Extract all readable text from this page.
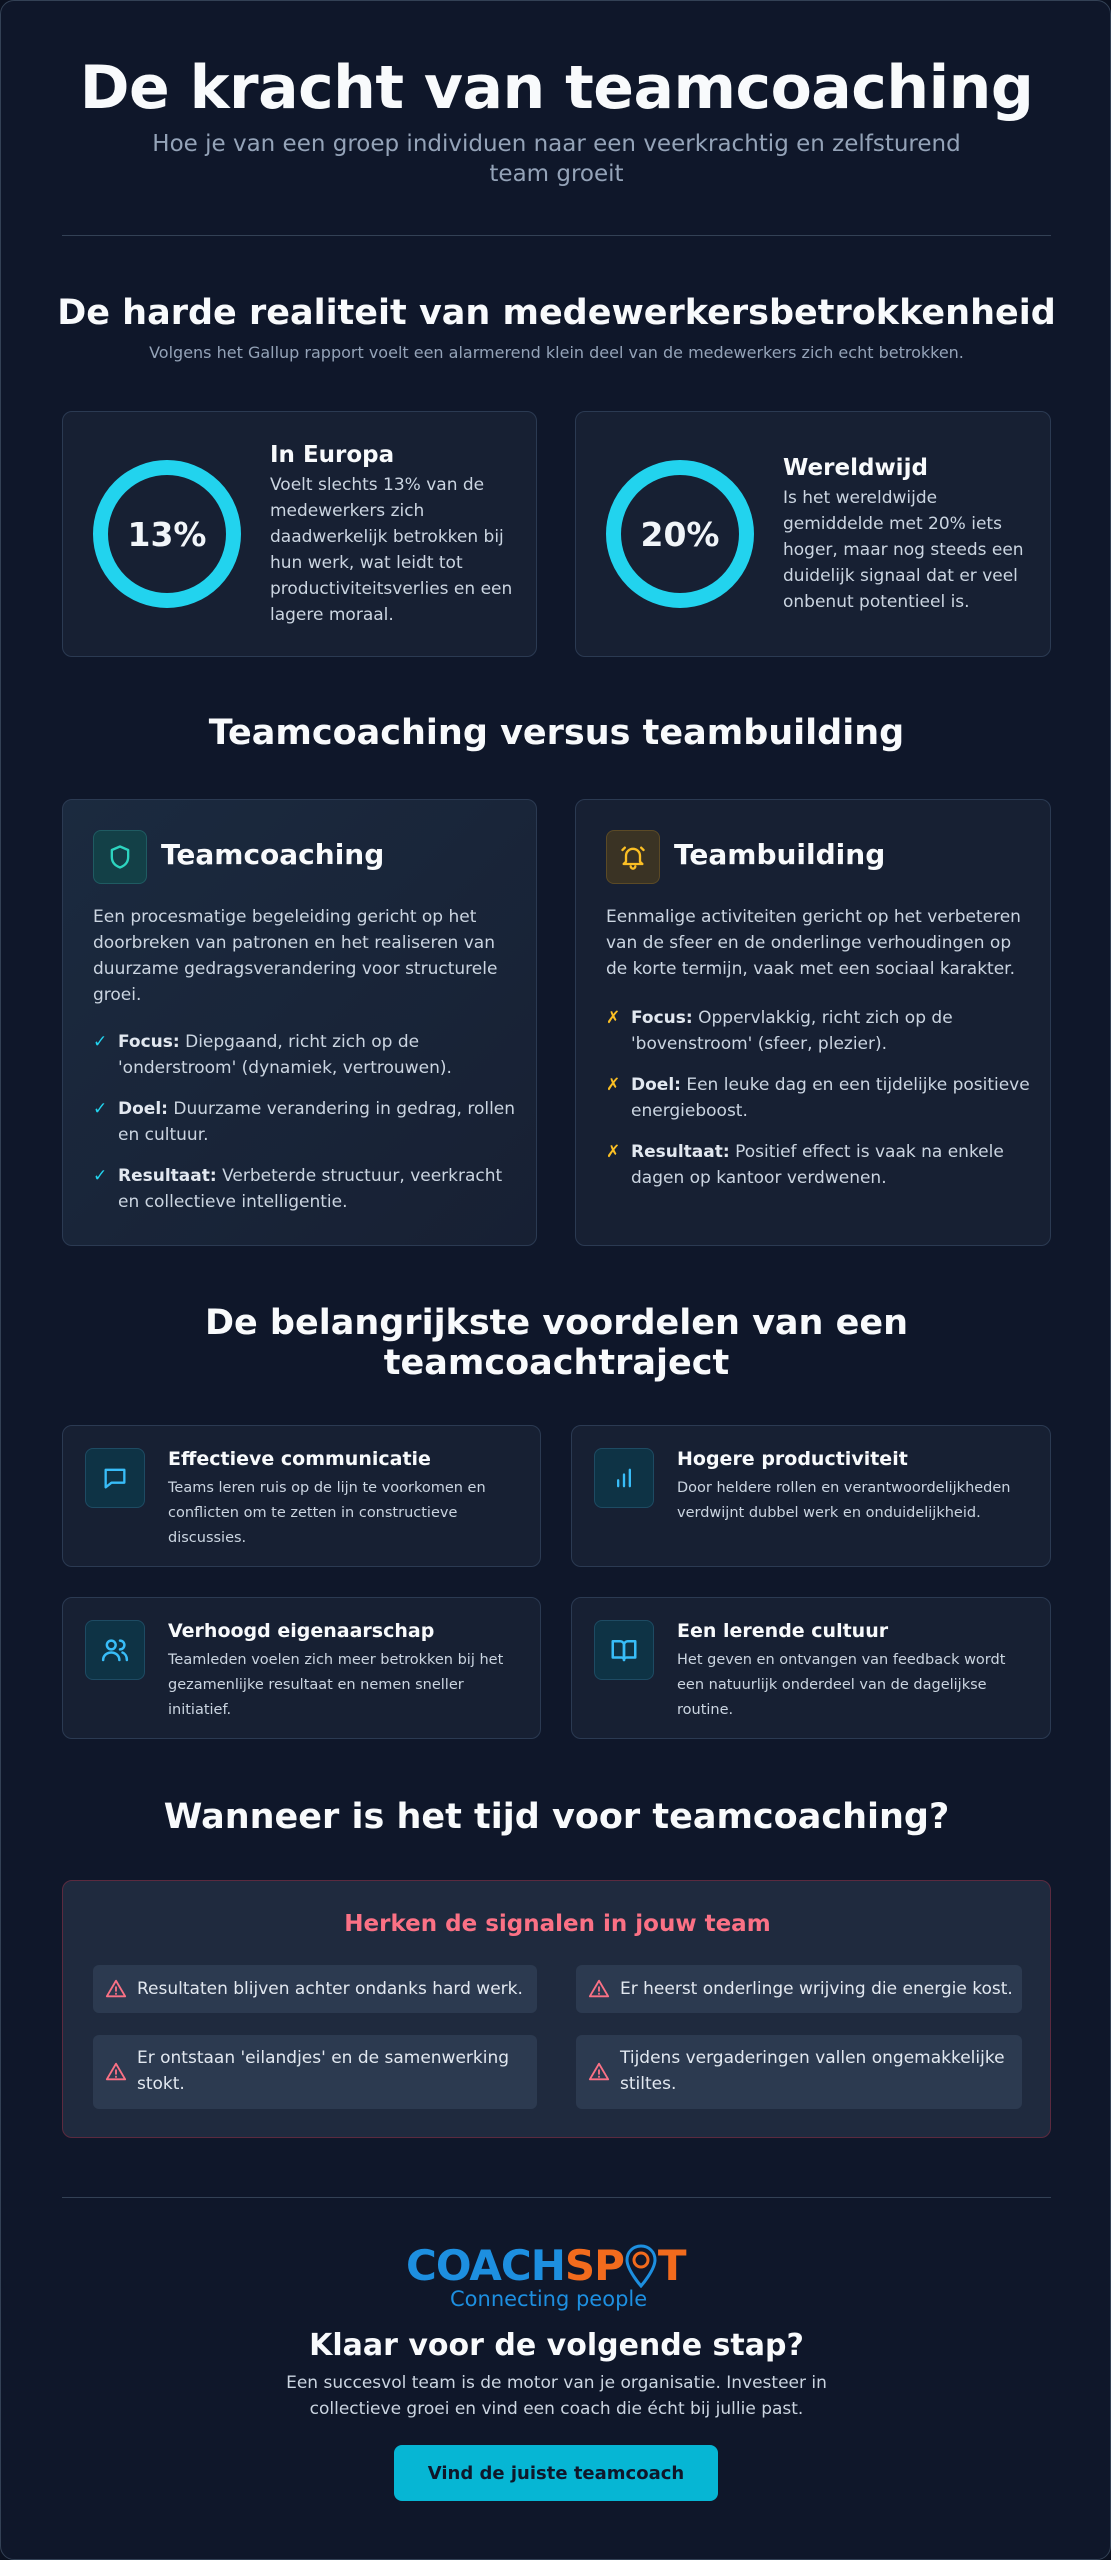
De kracht van teamcoaching
Hoe je van een groep individuen naar een veerkrachtig en zelfsturend team groeit
De harde realiteit van medewerkersbetrokkenheid
Volgens het Gallup rapport voelt een alarmerend klein deel van de medewerkers zich echt betrokken.
13%
In Europa
Voelt slechts 13% van de medewerkers zich daadwerkelijk betrokken bij hun werk, wat leidt tot productiviteitsverlies en een lagere moraal.
20%
Wereldwijd
Is het wereldwijde gemiddelde met 20% iets hoger, maar nog steeds een duidelijk signaal dat er veel onbenut potentieel is.
Teamcoaching versus teambuilding
Teamcoaching
Een procesmatige begeleiding gericht op het doorbreken van patronen en het realiseren van duurzame gedragsverandering voor structurele groei.
✓ Focus: Diepgaand, richt zich op de 'onderstroom' (dynamiek, vertrouwen).
✓ Doel: Duurzame verandering in gedrag, rollen en cultuur.
✓ Resultaat: Verbeterde structuur, veerkracht en collectieve intelligentie.
Teambuilding
Eenmalige activiteiten gericht op het verbeteren van de sfeer en de onderlinge verhoudingen op de korte termijn, vaak met een sociaal karakter.
✗ Focus: Oppervlakkig, richt zich op de 'bovenstroom' (sfeer, plezier).
✗ Doel: Een leuke dag en een tijdelijke positieve energieboost.
✗ Resultaat: Positief effect is vaak na enkele dagen op kantoor verdwenen.
De belangrijkste voordelen van een teamcoachtraject
Effectieve communicatie
Teams leren ruis op de lijn te voorkomen en conflicten om te zetten in constructieve discussies.
Hogere productiviteit
Door heldere rollen en verantwoordelijkheden verdwijnt dubbel werk en onduidelijkheid.
Verhoogd eigenaarschap
Teamleden voelen zich meer betrokken bij het gezamenlijke resultaat en nemen sneller initiatief.
Een lerende cultuur
Het geven en ontvangen van feedback wordt een natuurlijk onderdeel van de dagelijkse routine.
Wanneer is het tijd voor teamcoaching?
Herken de signalen in jouw team
Resultaten blijven achter ondanks hard werk.	Er heerst onderlinge wrijving die energie kost.
Er ontstaan 'eilandjes' en de samenwerking stokt.
Tijdens vergaderingen vallen ongemakkelijke stiltes.
COACHSP T
Connecting people
Klaar voor de volgende stap?
Een succesvol team is de motor van je organisatie. Investeer in collectieve groei en vind een coach die écht bij jullie past.
Vind de juiste teamcoach
